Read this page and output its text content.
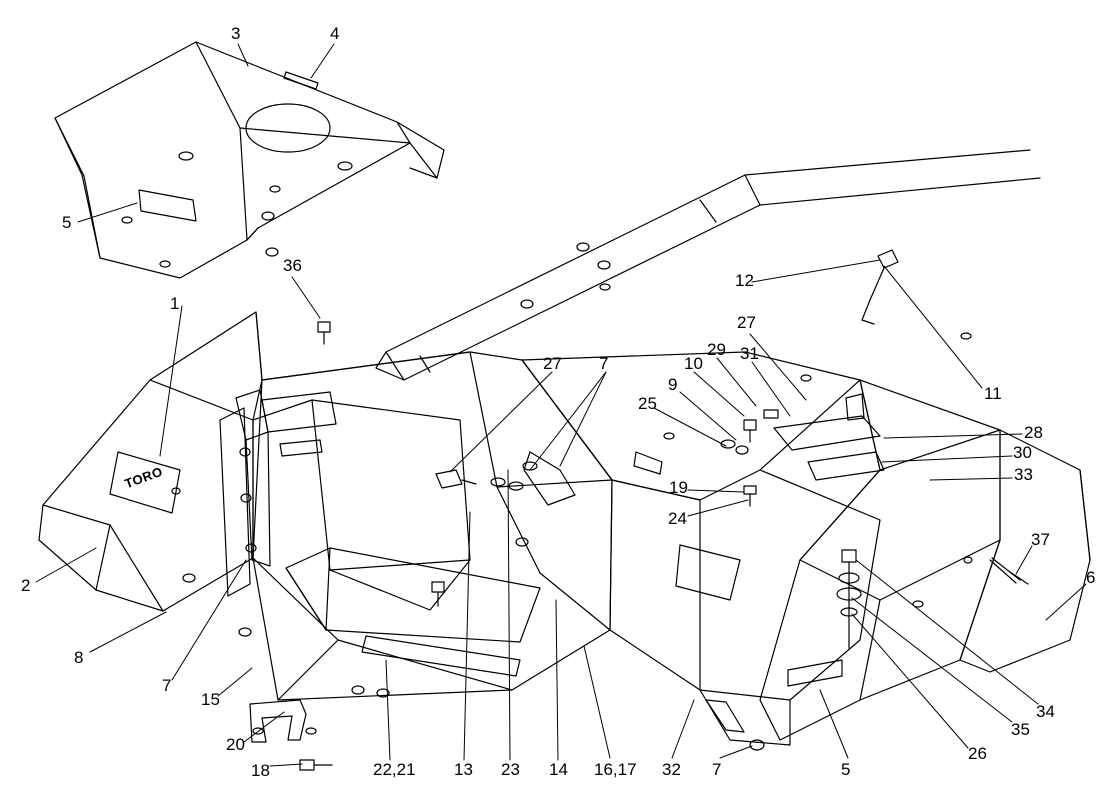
TORO
3	4
5
36
12
1
27
27 7	10
29 31
9	11
25
28
30
33
19
24
37
2	6
8
7
15
34
35
20	26
18	22,21 13 23 14 16,17 32 7	5
